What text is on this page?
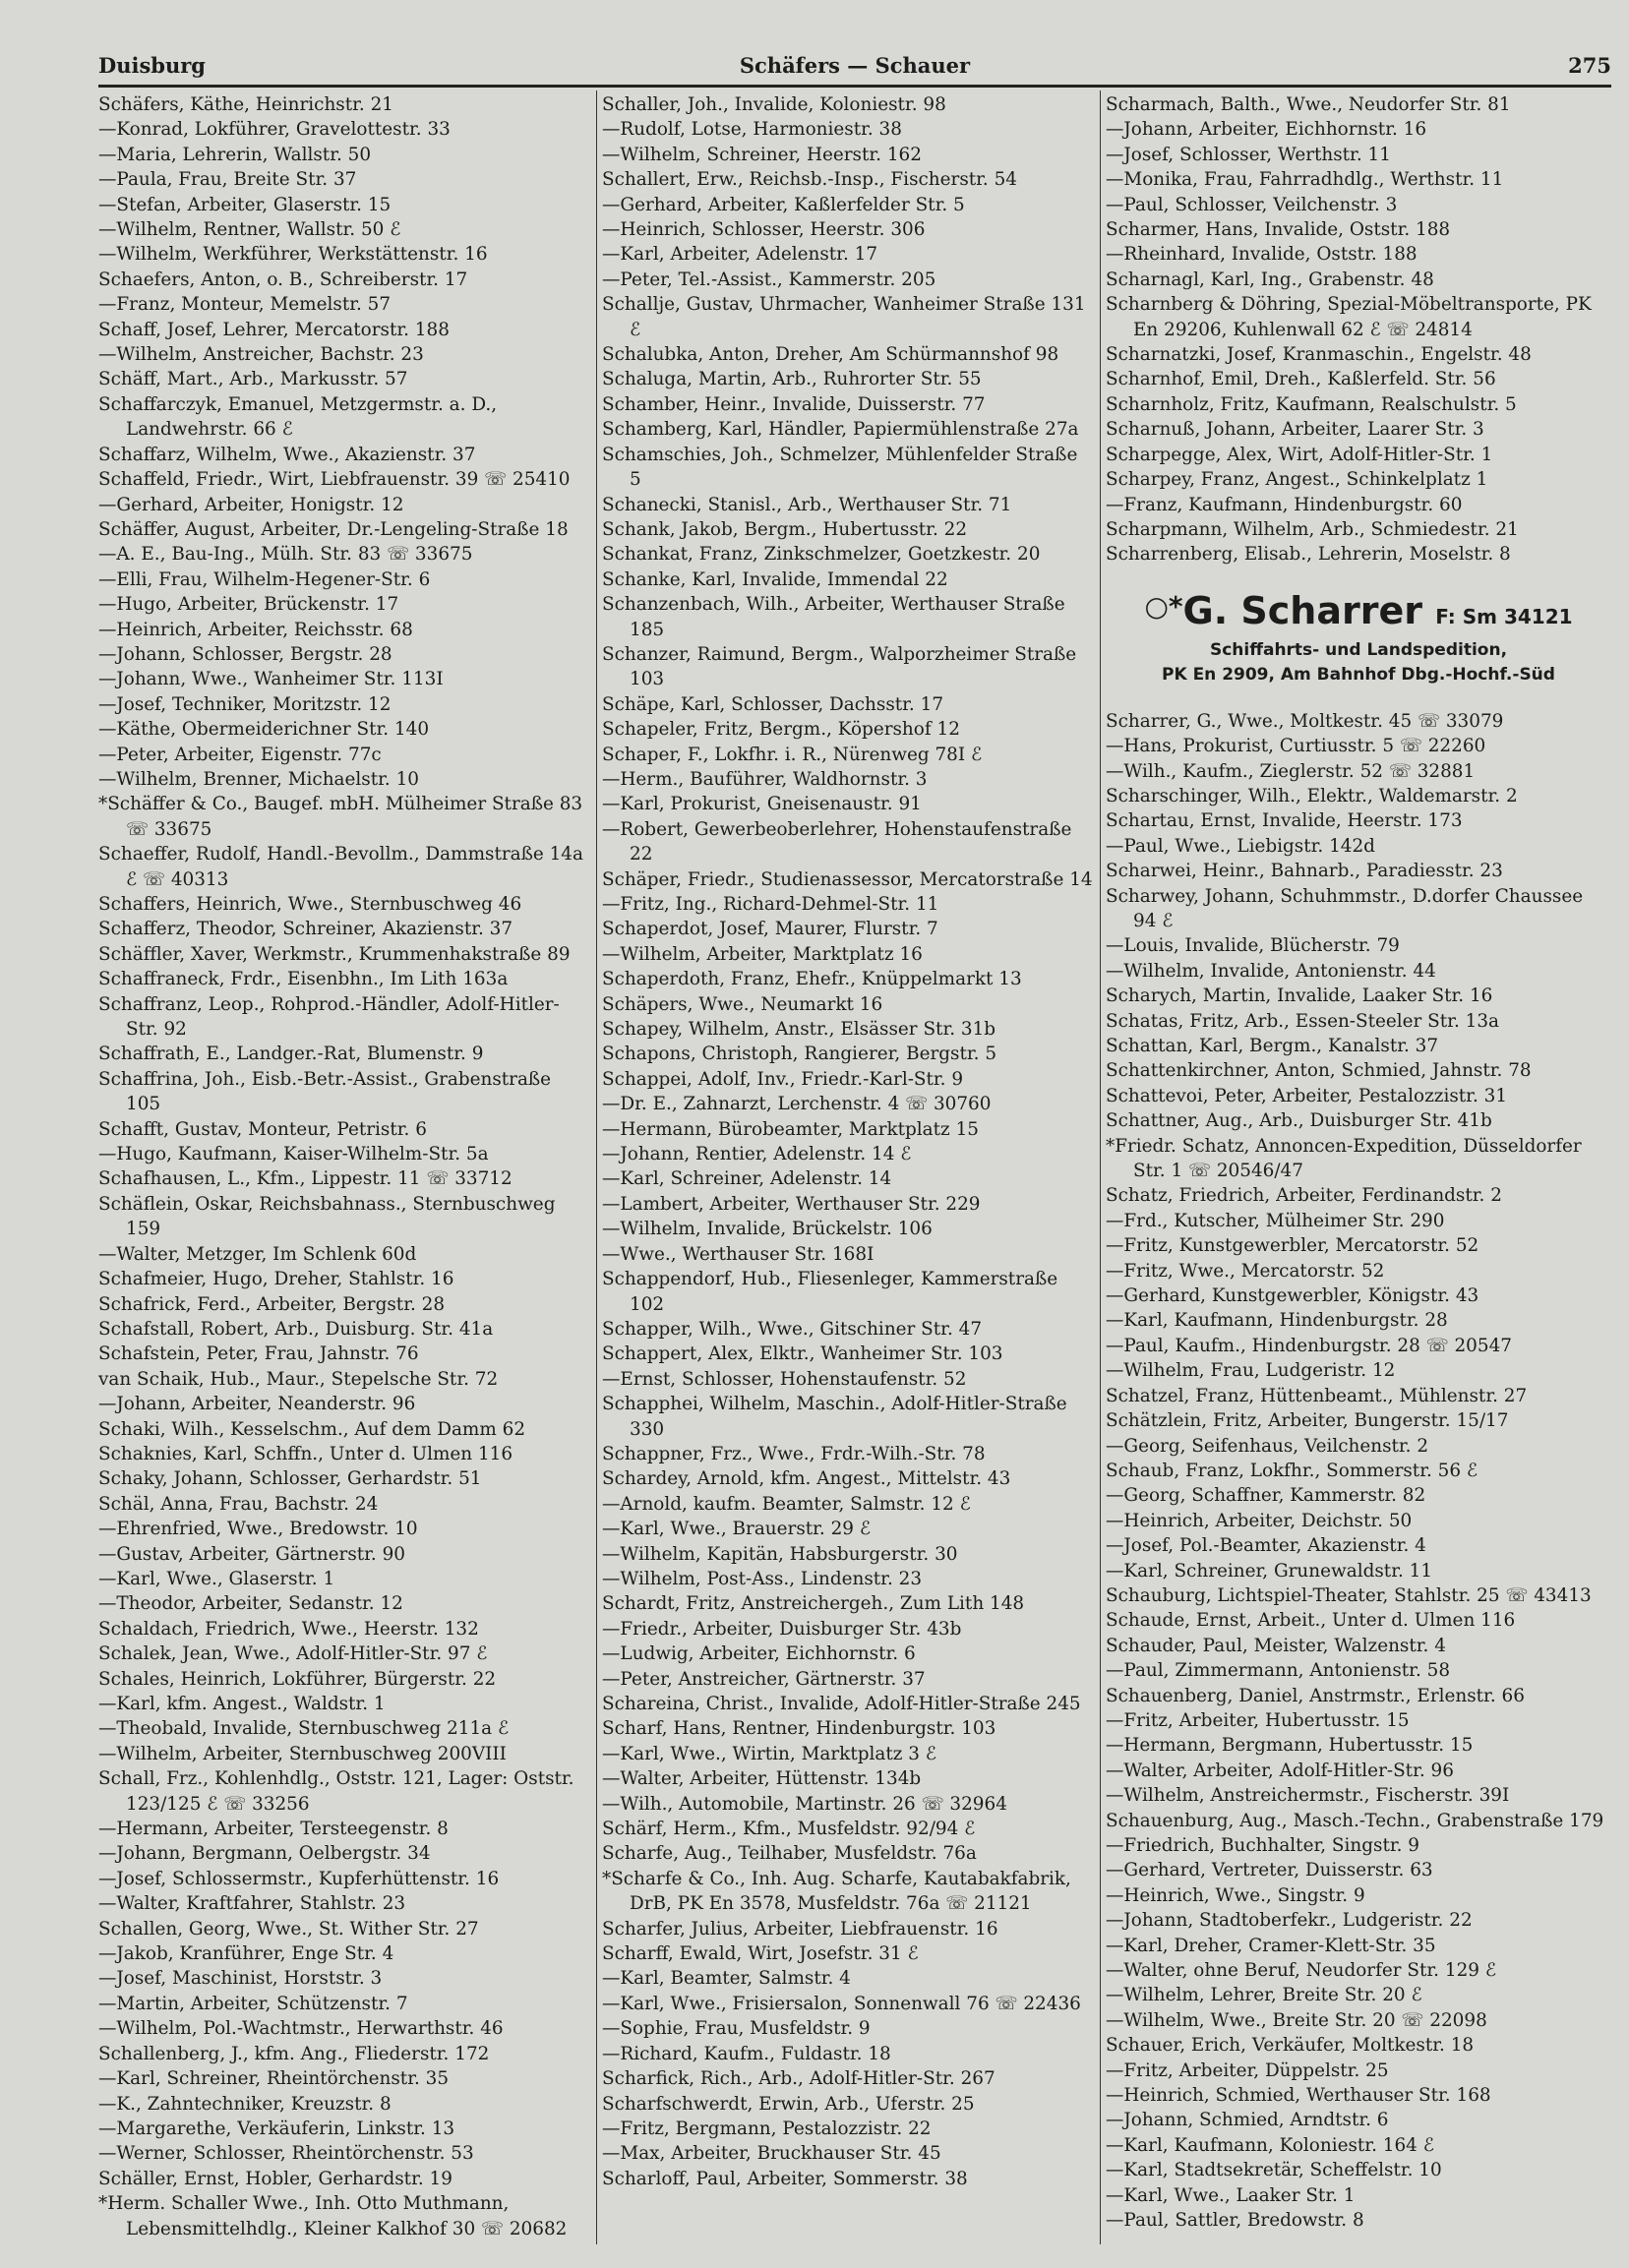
Duisburg	Schäfers — Schauer	275
Schäfers, Käthe, Heinrichstr. 21
—Konrad, Lokführer, Gravelottestr. 33
—Maria, Lehrerin, Wallstr. 50
—Paula, Frau, Breite Str. 37
—Stefan, Arbeiter, Glaserstr. 15
—Wilhelm, Rentner, Wallstr. 50 ℰ
—Wilhelm, Werkführer, Werkstättenstr. 16
Schaefers, Anton, o. B., Schreiberstr. 17
—Franz, Monteur, Memelstr. 57
Schaff, Josef, Lehrer, Mercatorstr. 188
—Wilhelm, Anstreicher, Bachstr. 23
Schäff, Mart., Arb., Markusstr. 57
Schaffarczyk, Emanuel, Metzgermstr. a. D., Landwehrstr. 66 ℰ
Schaffarz, Wilhelm, Wwe., Akazienstr. 37
Schaffeld, Friedr., Wirt, Liebfrauenstr. 39 ☏ 25410
—Gerhard, Arbeiter, Honigstr. 12
Schäffer, August, Arbeiter, Dr.-Lengeling-Straße 18
—A. E., Bau-Ing., Mülh. Str. 83 ☏ 33675
—Elli, Frau, Wilhelm-Hegener-Str. 6
—Hugo, Arbeiter, Brückenstr. 17
—Heinrich, Arbeiter, Reichsstr. 68
—Johann, Schlosser, Bergstr. 28
—Johann, Wwe., Wanheimer Str. 113I
—Josef, Techniker, Moritzstr. 12
—Käthe, Obermeiderichner Str. 140
—Peter, Arbeiter, Eigenstr. 77c
—Wilhelm, Brenner, Michaelstr. 10
*Schäffer & Co., Baugef. mbH. Mülheimer Straße 83 ☏ 33675
Schaeffer, Rudolf, Handl.-Bevollm., Dammstraße 14a ℰ ☏ 40313
Schaffers, Heinrich, Wwe., Sternbuschweg 46
Schafferz, Theodor, Schreiner, Akazienstr. 37
Schäffler, Xaver, Werkmstr., Krummenhakstraße 89
Schaffraneck, Frdr., Eisenbhn., Im Lith 163a
Schaffranz, Leop., Rohprod.-Händler, Adolf-Hitler-Str. 92
Schaffrath, E., Landger.-Rat, Blumenstr. 9
Schaffrina, Joh., Eisb.-Betr.-Assist., Grabenstraße 105
Schafft, Gustav, Monteur, Petristr. 6
—Hugo, Kaufmann, Kaiser-Wilhelm-Str. 5a
Schafhausen, L., Kfm., Lippestr. 11 ☏ 33712
Schäflein, Oskar, Reichsbahnass., Sternbuschweg 159
—Walter, Metzger, Im Schlenk 60d
Schafmeier, Hugo, Dreher, Stahlstr. 16
Schafrick, Ferd., Arbeiter, Bergstr. 28
Schafstall, Robert, Arb., Duisburg. Str. 41a
Schafstein, Peter, Frau, Jahnstr. 76
van Schaik, Hub., Maur., Stepelsche Str. 72
—Johann, Arbeiter, Neanderstr. 96
Schaki, Wilh., Kesselschm., Auf dem Damm 62
Schaknies, Karl, Schffn., Unter d. Ulmen 116
Schaky, Johann, Schlosser, Gerhardstr. 51
Schäl, Anna, Frau, Bachstr. 24
—Ehrenfried, Wwe., Bredowstr. 10
—Gustav, Arbeiter, Gärtnerstr. 90
—Karl, Wwe., Glaserstr. 1
—Theodor, Arbeiter, Sedanstr. 12
Schaldach, Friedrich, Wwe., Heerstr. 132
Schalek, Jean, Wwe., Adolf-Hitler-Str. 97 ℰ
Schales, Heinrich, Lokführer, Bürgerstr. 22
—Karl, kfm. Angest., Waldstr. 1
—Theobald, Invalide, Sternbuschweg 211a ℰ
—Wilhelm, Arbeiter, Sternbuschweg 200VIII
Schall, Frz., Kohlenhdlg., Oststr. 121, Lager: Oststr. 123/125 ℰ ☏ 33256
—Hermann, Arbeiter, Tersteegenstr. 8
—Johann, Bergmann, Oelbergstr. 34
—Josef, Schlossermstr., Kupferhüttenstr. 16
—Walter, Kraftfahrer, Stahlstr. 23
Schallen, Georg, Wwe., St. Wither Str. 27
—Jakob, Kranführer, Enge Str. 4
—Josef, Maschinist, Horststr. 3
—Martin, Arbeiter, Schützenstr. 7
—Wilhelm, Pol.-Wachtmstr., Herwarthstr. 46
Schallenberg, J., kfm. Ang., Fliederstr. 172
—Karl, Schreiner, Rheintörchenstr. 35
—K., Zahntechniker, Kreuzstr. 8
—Margarethe, Verkäuferin, Linkstr. 13
—Werner, Schlosser, Rheintörchenstr. 53
Schäller, Ernst, Hobler, Gerhardstr. 19
*Herm. Schaller Wwe., Inh. Otto Muthmann, Lebensmittelhdlg., Kleiner Kalkhof 30 ☏ 20682
Schaller, Joh., Invalide, Koloniestr. 98
—Rudolf, Lotse, Harmoniestr. 38
—Wilhelm, Schreiner, Heerstr. 162
Schallert, Erw., Reichsb.-Insp., Fischerstr. 54
—Gerhard, Arbeiter, Kaßlerfelder Str. 5
—Heinrich, Schlosser, Heerstr. 306
—Karl, Arbeiter, Adelenstr. 17
—Peter, Tel.-Assist., Kammerstr. 205
Schallje, Gustav, Uhrmacher, Wanheimer Straße 131 ℰ
Schalubka, Anton, Dreher, Am Schürmannshof 98
Schaluga, Martin, Arb., Ruhrorter Str. 55
Schamber, Heinr., Invalide, Duisserstr. 77
Schamberg, Karl, Händler, Papiermühlenstraße 27a
Schamschies, Joh., Schmelzer, Mühlenfelder Straße 5
Schanecki, Stanisl., Arb., Werthauser Str. 71
Schank, Jakob, Bergm., Hubertusstr. 22
Schankat, Franz, Zinkschmelzer, Goetzkestr. 20
Schanke, Karl, Invalide, Immendal 22
Schanzenbach, Wilh., Arbeiter, Werthauser Straße 185
Schanzer, Raimund, Bergm., Walporzheimer Straße 103
Schäpe, Karl, Schlosser, Dachsstr. 17
Schapeler, Fritz, Bergm., Köpershof 12
Schaper, F., Lokfhr. i. R., Nürenweg 78I ℰ
—Herm., Bauführer, Waldhornstr. 3
—Karl, Prokurist, Gneisenaustr. 91
—Robert, Gewerbeoberlehrer, Hohenstaufenstraße 22
Schäper, Friedr., Studienassessor, Mercatorstraße 14
—Fritz, Ing., Richard-Dehmel-Str. 11
Schaperdot, Josef, Maurer, Flurstr. 7
—Wilhelm, Arbeiter, Marktplatz 16
Schaperdoth, Franz, Ehefr., Knüppelmarkt 13
Schäpers, Wwe., Neumarkt 16
Schapey, Wilhelm, Anstr., Elsässer Str. 31b
Schapons, Christoph, Rangierer, Bergstr. 5
Schappei, Adolf, Inv., Friedr.-Karl-Str. 9
—Dr. E., Zahnarzt, Lerchenstr. 4 ☏ 30760
—Hermann, Bürobeamter, Marktplatz 15
—Johann, Rentier, Adelenstr. 14 ℰ
—Karl, Schreiner, Adelenstr. 14
—Lambert, Arbeiter, Werthauser Str. 229
—Wilhelm, Invalide, Brückelstr. 106
—Wwe., Werthauser Str. 168I
Schappendorf, Hub., Fliesenleger, Kammerstraße 102
Schapper, Wilh., Wwe., Gitschiner Str. 47
Schappert, Alex, Elktr., Wanheimer Str. 103
—Ernst, Schlosser, Hohenstaufenstr. 52
Schapphei, Wilhelm, Maschin., Adolf-Hitler-Straße 330
Schappner, Frz., Wwe., Frdr.-Wilh.-Str. 78
Schardey, Arnold, kfm. Angest., Mittelstr. 43
—Arnold, kaufm. Beamter, Salmstr. 12 ℰ
—Karl, Wwe., Brauerstr. 29 ℰ
—Wilhelm, Kapitän, Habsburgerstr. 30
—Wilhelm, Post-Ass., Lindenstr. 23
Schardt, Fritz, Anstreichergeh., Zum Lith 148
—Friedr., Arbeiter, Duisburger Str. 43b
—Ludwig, Arbeiter, Eichhornstr. 6
—Peter, Anstreicher, Gärtnerstr. 37
Schareina, Christ., Invalide, Adolf-Hitler-Straße 245
Scharf, Hans, Rentner, Hindenburgstr. 103
—Karl, Wwe., Wirtin, Marktplatz 3 ℰ
—Walter, Arbeiter, Hüttenstr. 134b
—Wilh., Automobile, Martinstr. 26 ☏ 32964
Schärf, Herm., Kfm., Musfeldstr. 92/94 ℰ
Scharfe, Aug., Teilhaber, Musfeldstr. 76a
*Scharfe & Co., Inh. Aug. Scharfe, Kautabakfabrik, DrB, PK En 3578, Musfeldstr. 76a ☏ 21121
Scharfer, Julius, Arbeiter, Liebfrauenstr. 16
Scharff, Ewald, Wirt, Josefstr. 31 ℰ
—Karl, Beamter, Salmstr. 4
—Karl, Wwe., Frisiersalon, Sonnenwall 76 ☏ 22436
—Sophie, Frau, Musfeldstr. 9
—Richard, Kaufm., Fuldastr. 18
Scharfick, Rich., Arb., Adolf-Hitler-Str. 267
Scharfschwerdt, Erwin, Arb., Uferstr. 25
—Fritz, Bergmann, Pestalozzistr. 22
—Max, Arbeiter, Bruckhauser Str. 45
Scharloff, Paul, Arbeiter, Sommerstr. 38
Scharmach, Balth., Wwe., Neudorfer Str. 81
—Johann, Arbeiter, Eichhornstr. 16
—Josef, Schlosser, Werthstr. 11
—Monika, Frau, Fahrradhdlg., Werthstr. 11
—Paul, Schlosser, Veilchenstr. 3
Scharmer, Hans, Invalide, Oststr. 188
—Rheinhard, Invalide, Oststr. 188
Scharnagl, Karl, Ing., Grabenstr. 48
Scharnberg & Döhring, Spezial-Möbeltransporte, PK En 29206, Kuhlenwall 62 ℰ ☏ 24814
Scharnatzki, Josef, Kranmaschin., Engelstr. 48
Scharnhof, Emil, Dreh., Kaßlerfeld. Str. 56
Scharnholz, Fritz, Kaufmann, Realschulstr. 5
Scharnuß, Johann, Arbeiter, Laarer Str. 3
Scharpegge, Alex, Wirt, Adolf-Hitler-Str. 1
Scharpey, Franz, Angest., Schinkelplatz 1
—Franz, Kaufmann, Hindenburgstr. 60
Scharpmann, Wilhelm, Arb., Schmiedestr. 21
Scharrenberg, Elisab., Lehrerin, Moselstr. 8
○*G. Scharrer F: Sm 34121
Schiffahrts- und Landspedition,
PK En 2909, Am Bahnhof Dbg.-Hochf.-Süd
Scharrer, G., Wwe., Moltkestr. 45 ☏ 33079
—Hans, Prokurist, Curtiusstr. 5 ☏ 22260
—Wilh., Kaufm., Zieglerstr. 52 ☏ 32881
Scharschinger, Wilh., Elektr., Waldemarstr. 2
Schartau, Ernst, Invalide, Heerstr. 173
—Paul, Wwe., Liebigstr. 142d
Scharwei, Heinr., Bahnarb., Paradiesstr. 23
Scharwey, Johann, Schuhmmstr., D.dorfer Chaussee 94 ℰ
—Louis, Invalide, Blücherstr. 79
—Wilhelm, Invalide, Antonienstr. 44
Scharych, Martin, Invalide, Laaker Str. 16
Schatas, Fritz, Arb., Essen-Steeler Str. 13a
Schattan, Karl, Bergm., Kanalstr. 37
Schattenkirchner, Anton, Schmied, Jahnstr. 78
Schattevoi, Peter, Arbeiter, Pestalozzistr. 31
Schattner, Aug., Arb., Duisburger Str. 41b
*Friedr. Schatz, Annoncen-Expedition, Düsseldorfer Str. 1 ☏ 20546/47
Schatz, Friedrich, Arbeiter, Ferdinandstr. 2
—Frd., Kutscher, Mülheimer Str. 290
—Fritz, Kunstgewerbler, Mercatorstr. 52
—Fritz, Wwe., Mercatorstr. 52
—Gerhard, Kunstgewerbler, Königstr. 43
—Karl, Kaufmann, Hindenburgstr. 28
—Paul, Kaufm., Hindenburgstr. 28 ☏ 20547
—Wilhelm, Frau, Ludgeristr. 12
Schatzel, Franz, Hüttenbeamt., Mühlenstr. 27
Schätzlein, Fritz, Arbeiter, Bungerstr. 15/17
—Georg, Seifenhaus, Veilchenstr. 2
Schaub, Franz, Lokfhr., Sommerstr. 56 ℰ
—Georg, Schaffner, Kammerstr. 82
—Heinrich, Arbeiter, Deichstr. 50
—Josef, Pol.-Beamter, Akazienstr. 4
—Karl, Schreiner, Grunewaldstr. 11
Schauburg, Lichtspiel-Theater, Stahlstr. 25 ☏ 43413
Schaude, Ernst, Arbeit., Unter d. Ulmen 116
Schauder, Paul, Meister, Walzenstr. 4
—Paul, Zimmermann, Antonienstr. 58
Schauenberg, Daniel, Anstrmstr., Erlenstr. 66
—Fritz, Arbeiter, Hubertusstr. 15
—Hermann, Bergmann, Hubertusstr. 15
—Walter, Arbeiter, Adolf-Hitler-Str. 96
—Wilhelm, Anstreichermstr., Fischerstr. 39I
Schauenburg, Aug., Masch.-Techn., Grabenstraße 179
—Friedrich, Buchhalter, Singstr. 9
—Gerhard, Vertreter, Duisserstr. 63
—Heinrich, Wwe., Singstr. 9
—Johann, Stadtoberfekr., Ludgeristr. 22
—Karl, Dreher, Cramer-Klett-Str. 35
—Walter, ohne Beruf, Neudorfer Str. 129 ℰ
—Wilhelm, Lehrer, Breite Str. 20 ℰ
—Wilhelm, Wwe., Breite Str. 20 ☏ 22098
Schauer, Erich, Verkäufer, Moltkestr. 18
—Fritz, Arbeiter, Düppelstr. 25
—Heinrich, Schmied, Werthauser Str. 168
—Johann, Schmied, Arndtstr. 6
—Karl, Kaufmann, Koloniestr. 164 ℰ
—Karl, Stadtsekretär, Scheffelstr. 10
—Karl, Wwe., Laaker Str. 1
—Paul, Sattler, Bredowstr. 8
